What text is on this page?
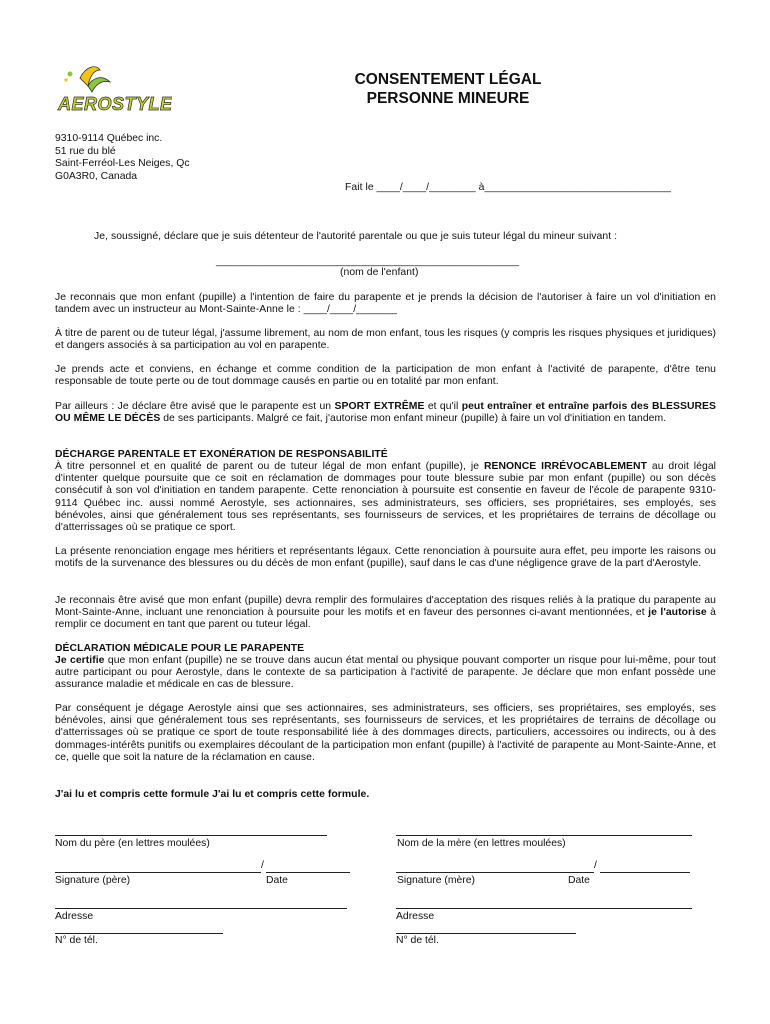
AEROSTYLE
CONSENTEMENT LÉGAL
PERSONNE MINEURE
9310-9114 Québec inc.
51 rue du blé
Saint-Ferréol-Les Neiges, Qc
G0A3R0, Canada
Fait le ____/____/________ à________________________________
Je, soussigné, déclare que je suis détenteur de l'autorité parentale ou que je suis tuteur légal du mineur suivant :
____________________________________________________
(nom de l'enfant)
Je reconnais que mon enfant (pupille) a l'intention de faire du parapente et je prends la décision de l'autoriser à faire un vol d'initiation en tandem avec un instructeur au Mont-Sainte-Anne le : ____/____/_______
À titre de parent ou de tuteur légal, j'assume librement, au nom de mon enfant, tous les risques (y compris les risques physiques et juridiques) et dangers associés à sa participation au vol en parapente.
Je prends acte et conviens, en échange et comme condition de la participation de mon enfant à l'activité de parapente, d'être tenu responsable de toute perte ou de tout dommage causés en partie ou en totalité par mon enfant.
Par ailleurs : Je déclare être avisé que le parapente est un SPORT EXTRÊME et qu'il peut entraîner et entraîne parfois des BLESSURES OU MÊME LE DÉCÈS de ses participants. Malgré ce fait, j'autorise mon enfant mineur (pupille) à faire un vol d'initiation en tandem.
DÉCHARGE PARENTALE ET EXONÉRATION DE RESPONSABILITÉ
À titre personnel et en qualité de parent ou de tuteur légal de mon enfant (pupille), je RENONCE IRRÉVOCABLEMENT au droit légal d'intenter quelque poursuite que ce soit en réclamation de dommages pour toute blessure subie par mon enfant (pupille) ou son décès consécutif à son vol d'initiation en tandem parapente. Cette renonciation à poursuite est consentie en faveur de l'école de parapente 9310-9114 Québec inc. aussi nommé Aerostyle, ses actionnaires, ses administrateurs, ses officiers, ses propriétaires, ses employés, ses bénévoles, ainsi que généralement tous ses représentants, ses fournisseurs de services, et les propriétaires de terrains de décollage ou d'atterrissages où se pratique ce sport.
La présente renonciation engage mes héritiers et représentants légaux. Cette renonciation à poursuite aura effet, peu importe les raisons ou motifs de la survenance des blessures ou du décès de mon enfant (pupille), sauf dans le cas d'une négligence grave de la part d'Aerostyle.
Je reconnais être avisé que mon enfant (pupille) devra remplir des formulaires d'acceptation des risques reliés à la pratique du parapente au Mont-Sainte-Anne, incluant une renonciation à poursuite pour les motifs et en faveur des personnes ci-avant mentionnées, et je l'autorise à remplir ce document en tant que parent ou tuteur légal.
DÉCLARATION MÉDICALE POUR LE PARAPENTE
Je certifie que mon enfant (pupille) ne se trouve dans aucun état mental ou physique pouvant comporter un risque pour lui-même, pour tout autre participant ou pour Aerostyle, dans le contexte de sa participation à l'activité de parapente. Je déclare que mon enfant possède une assurance maladie et médicale en cas de blessure.
Par conséquent je dégage Aerostyle ainsi que ses actionnaires, ses administrateurs, ses officiers, ses propriétaires, ses employés, ses bénévoles, ainsi que généralement tous ses représentants, ses fournisseurs de services, et les propriétaires de terrains de décollage ou d'atterrissages où se pratique ce sport de toute responsabilité liée à des dommages directs, particuliers, accessoires ou indirects, ou à des dommages-intérêts punitifs ou exemplaires découlant de la participation mon enfant (pupille) à l'activité de parapente au Mont-Sainte-Anne, et ce, quelle que soit la nature de la réclamation en cause.
J'ai lu et compris cette formule J'ai lu et compris cette formule.
Nom du père (en lettres moulées)	Nom de la mère (en lettres moulées)
/	/
Signature (père)	Date	Signature (mère)	Date
Adresse	Adresse
N° de tél.	N° de tél.
